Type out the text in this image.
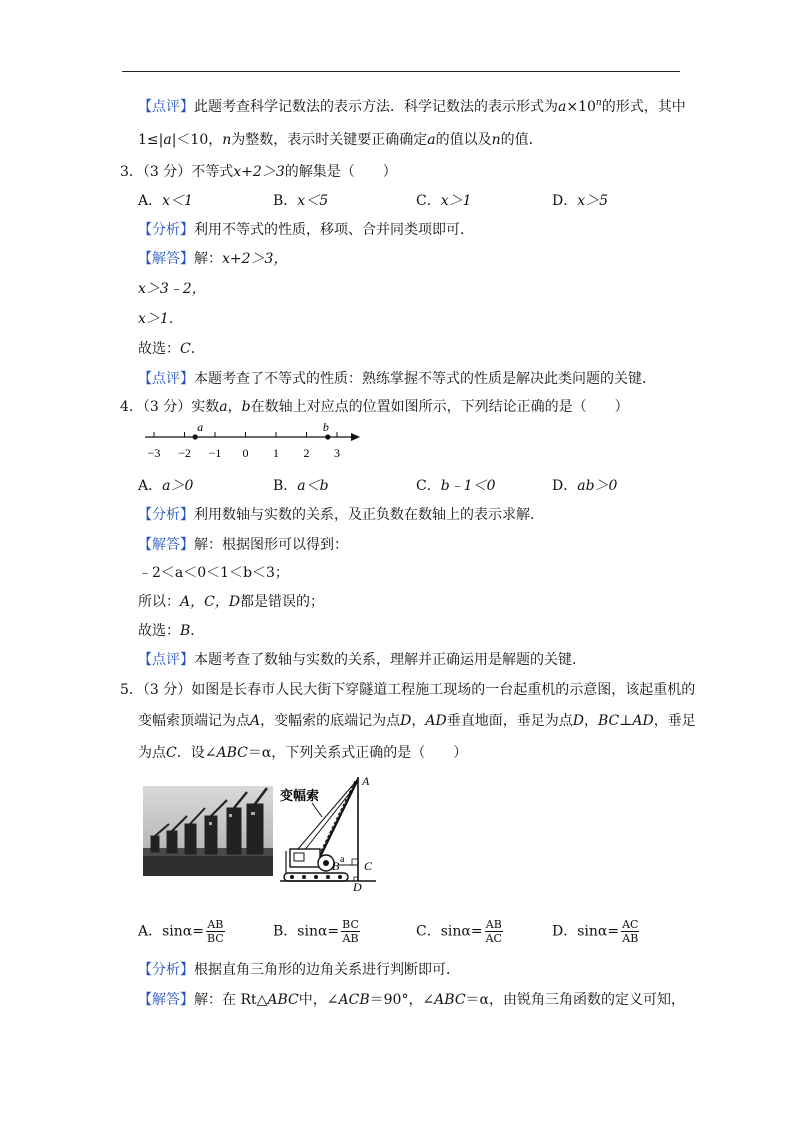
【点评】此题考查科学记数法的表示方法．科学记数法的表示形式为$a\times 10^n$的形式，其中
1≤|a|＜10，n为整数，表示时关键要正确确定a的值以及n的值．
3．（3 分）不等式x+2＞3的解集是（　　）
A．x＜1	B．x＜5	C．x＞1	D．x＞5
【分析】利用不等式的性质，移项、合并同类项即可．
【解答】解：x+2＞3，
x＞3﹣2，
x＞1．
故选：C．
【点评】本题考查了不等式的性质：熟练掌握不等式的性质是解决此类问题的关键．
4．（3 分）实数a，b在数轴上对应点的位置如图所示，下列结论正确的是（　　）
−3 −2 −1 0 1 2 3
a	b
A．a＞0	B．a＜b	C．b﹣1＜0	D．ab＞0
【分析】利用数轴与实数的关系，及正负数在数轴上的表示求解．
【解答】解：根据图形可以得到：
﹣2＜a＜0＜1＜b＜3；
所以：A，C，D都是错误的；
故选：B．
【点评】本题考查了数轴与实数的关系，理解并正确运用是解题的关键．
5．（3 分）如图是长春市人民大街下穿隧道工程施工现场的一台起重机的示意图，该起重机的
变幅索顶端记为点A，变幅索的底端记为点D，AD垂直地面，垂足为点D，BC⊥AD，垂足
为点C．设∠ABC＝α，下列关系式正确的是（　　）
变幅索
A
B C
D
a
A．$\sin\alpha= \frac{AB}{BC}$	B．$\sin\alpha= \frac{BC}{AB}$	C．$\sin\alpha= \frac{AB}{AC}$	D．$\sin\alpha= \frac{AC}{AB}$
【分析】根据直角三角形的边角关系进行判断即可．
【解答】解：在 Rt△ABC中，∠ACB＝90°，∠ABC＝α，由锐角三角函数的定义可知，
